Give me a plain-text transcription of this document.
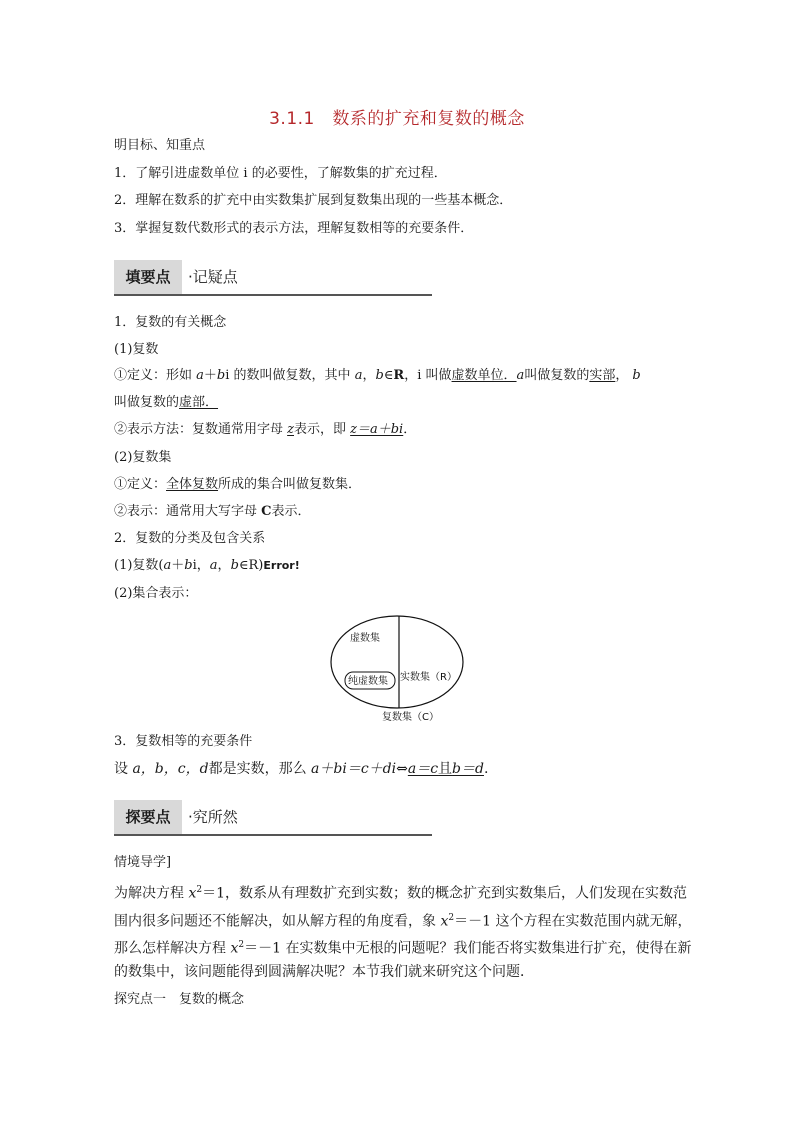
3.1.1　数系的扩充和复数的概念
明目标、知重点
1．了解引进虚数单位 i 的必要性，了解数集的扩充过程．
2．理解在数系的扩充中由实数集扩展到复数集出现的一些基本概念．
3．掌握复数代数形式的表示方法，理解复数相等的充要条件．
填要点	·记疑点
1．复数的有关概念
(1)复数
①定义：形如 a＋bi 的数叫做复数，其中 a，b∈R，i 叫做虚数单位．a叫做复数的实部， b
叫做复数的虚部．
②表示方法：复数通常用字母 z表示，即 z＝a＋bi．
(2)复数集
①定义：全体复数所成的集合叫做复数集．
②表示：通常用大写字母 C表示．
2．复数的分类及包含关系
(1)复数(a＋bi，a，b∈R)Error!
(2)集合表示：
虚数集
纯虚数集 实数集（R）
复数集（C）
3．复数相等的充要条件
设 a，b，c，d都是实数，那么 a＋bi＝c＋di⇔a＝c且b＝d.
探要点	·究所然
情境导学]
为解决方程 $x^2=1$，数系从有理数扩充到实数；数的概念扩充到实数集后，人们发现在实数范
围内很多问题还不能解决，如从解方程的角度看，象 $x^2=-1$ 这个方程在实数范围内就无解，
那么怎样解决方程 $x^2=-1$ 在实数集中无根的问题呢？我们能否将实数集进行扩充，使得在新
的数集中，该问题能得到圆满解决呢？本节我们就来研究这个问题．
探究点一　复数的概念
